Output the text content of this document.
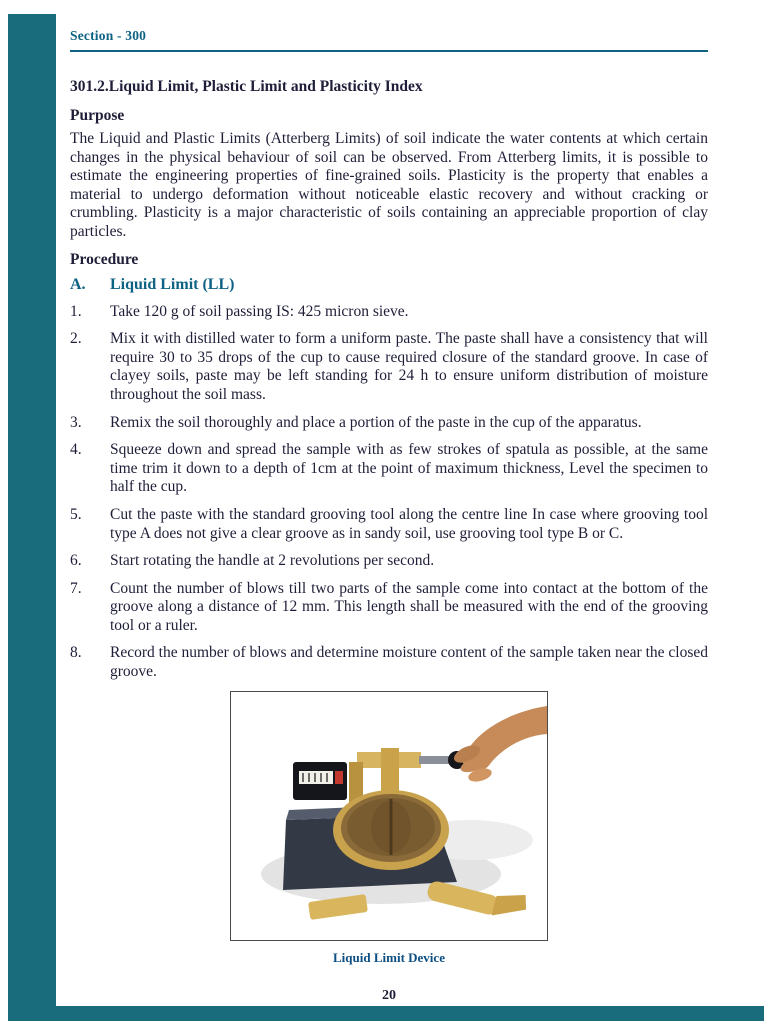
Section - 300
301.2.Liquid Limit, Plastic Limit and Plasticity Index
Purpose
The Liquid and Plastic Limits (Atterberg Limits) of soil indicate the water contents at which certain changes in the physical behaviour of soil can be observed. From Atterberg limits, it is possible to estimate the engineering properties of fine-grained soils. Plasticity is the property that enables a material to undergo deformation without noticeable elastic recovery and without cracking or crumbling. Plasticity is a major characteristic of soils containing an appreciable proportion of clay particles.
Procedure
A.	Liquid Limit (LL)
1.	Take 120 g of soil passing IS: 425 micron sieve.
2.	Mix it with distilled water to form a uniform paste. The paste shall have a consistency that will require 30 to 35 drops of the cup to cause required closure of the standard groove. In case of clayey soils, paste may be left standing for 24 h to ensure uniform distribution of moisture throughout the soil mass.
3.	Remix the soil thoroughly and place a portion of the paste in the cup of the apparatus.
4.	Squeeze down and spread the sample with as few strokes of spatula as possible, at the same time trim it down to a depth of 1cm at the point of maximum thickness, Level the specimen to half the cup.
5.	Cut the paste with the standard grooving tool along the centre line In case where grooving tool type A does not give a clear groove as in sandy soil, use grooving tool type B or C.
6.	Start rotating the handle at 2 revolutions per second.
7.	Count the number of blows till two parts of the sample come into contact at the bottom of the groove along a distance of 12 mm. This length shall be measured with the end of the grooving tool or a ruler.
8.	Record the number of blows and determine moisture content of the sample taken near the closed groove.
Liquid Limit Device
20
